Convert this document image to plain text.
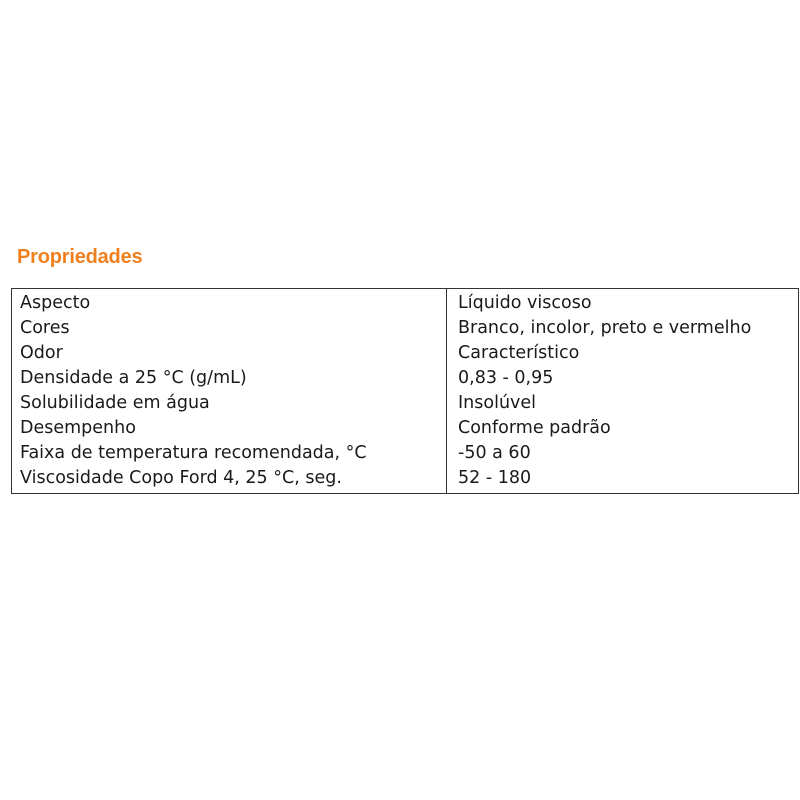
Propriedades
Aspecto	Líquido viscoso
Cores	Branco, incolor, preto e vermelho
Odor	Característico
Densidade a 25 °C (g/mL)	0,83 - 0,95
Solubilidade em água	Insolúvel
Desempenho	Conforme padrão
Faixa de temperatura recomendada, °C	-50 a 60
Viscosidade Copo Ford 4, 25 °C, seg.	52 - 180
